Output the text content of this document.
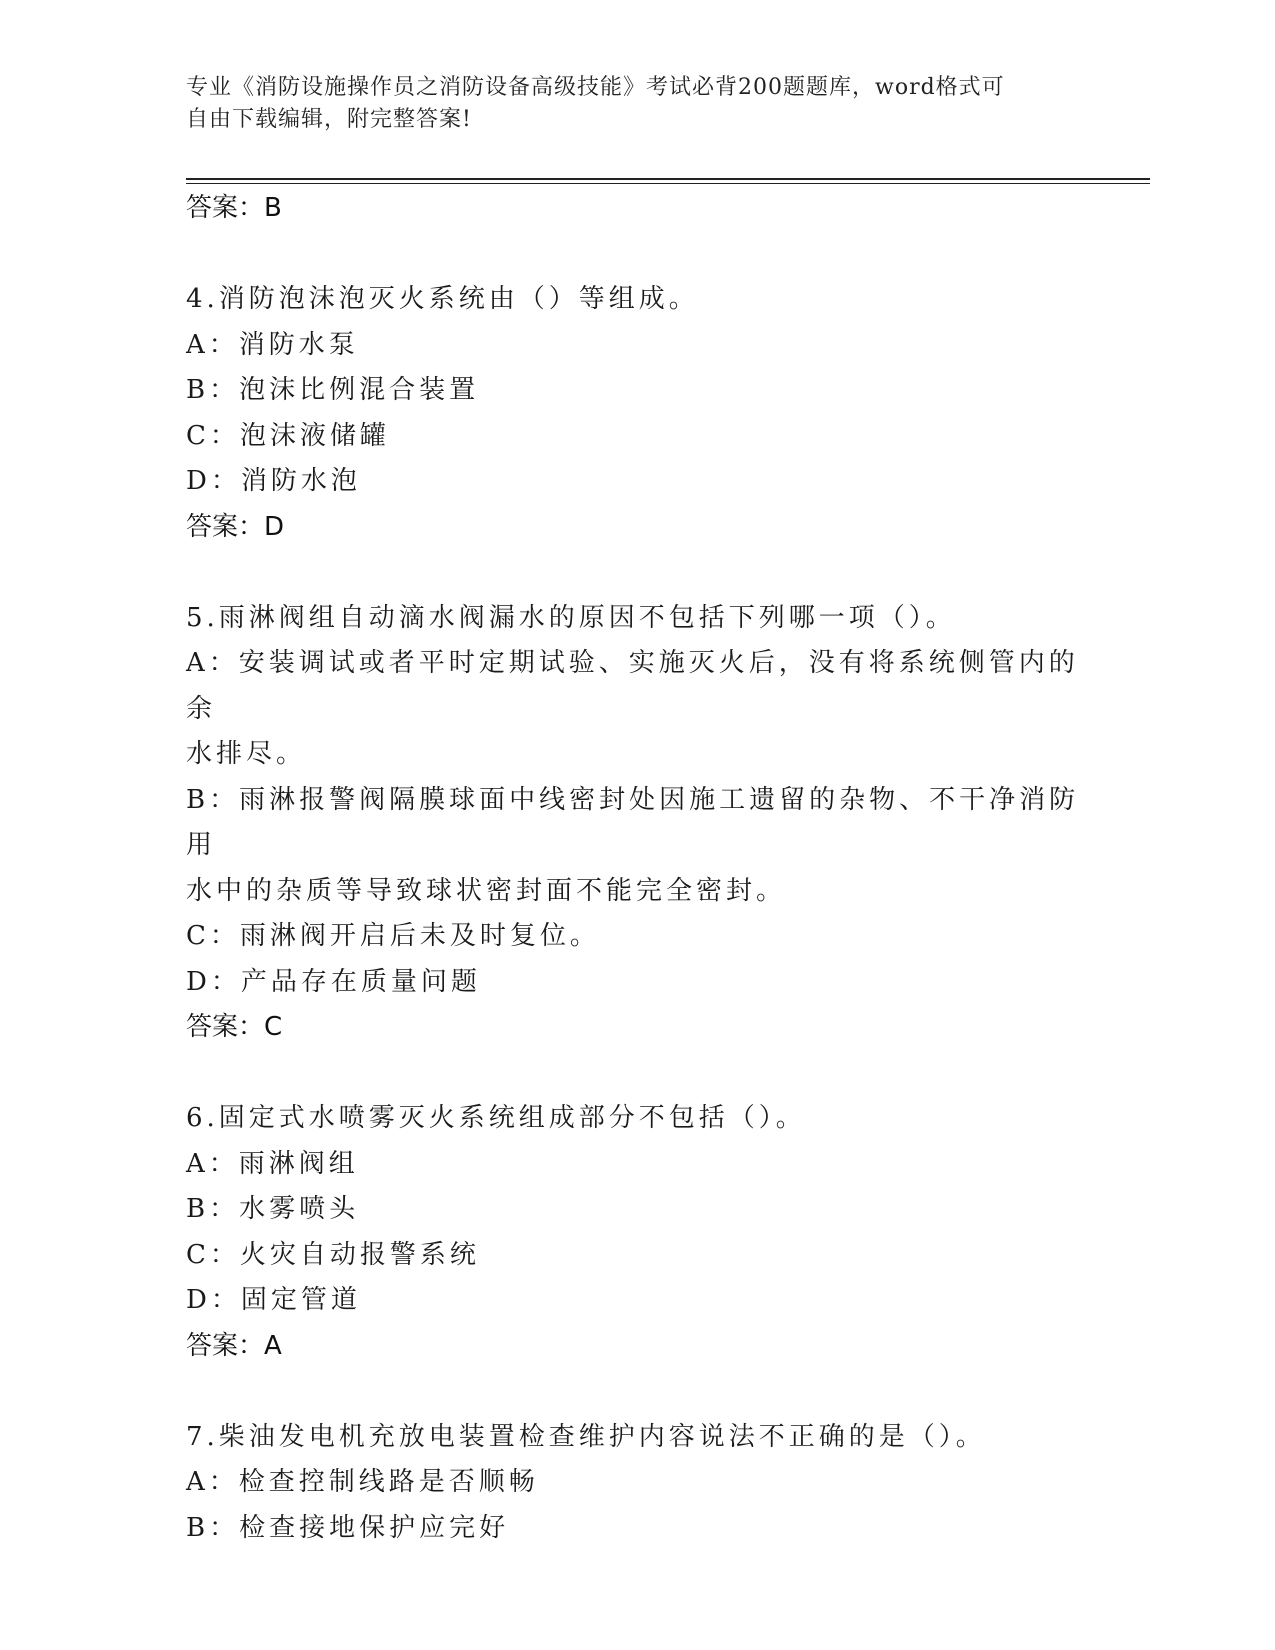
专业《消防设施操作员之消防设备高级技能》考试必背200题题库，word格式可
自由下载编辑，附完整答案!

答案：B

4.消防泡沫泡灭火系统由（）等组成。

A：消防水泵

B：泡沫比例混合装置

C：泡沫液储罐

D：消防水泡

答案：D

5.雨淋阀组自动滴水阀漏水的原因不包括下列哪一项（）。

A：安装调试或者平时定期试验、实施灭火后，没有将系统侧管内的余

水排尽。

B：雨淋报警阀隔膜球面中线密封处因施工遗留的杂物、不干净消防用

水中的杂质等导致球状密封面不能完全密封。

C：雨淋阀开启后未及时复位。

D：产品存在质量问题

答案：C

6.固定式水喷雾灭火系统组成部分不包括（）。

A：雨淋阀组

B：水雾喷头

C：火灾自动报警系统

D：固定管道

答案：A

7.柴油发电机充放电装置检查维护内容说法不正确的是（）。

A：检查控制线路是否顺畅

B：检查接地保护应完好
